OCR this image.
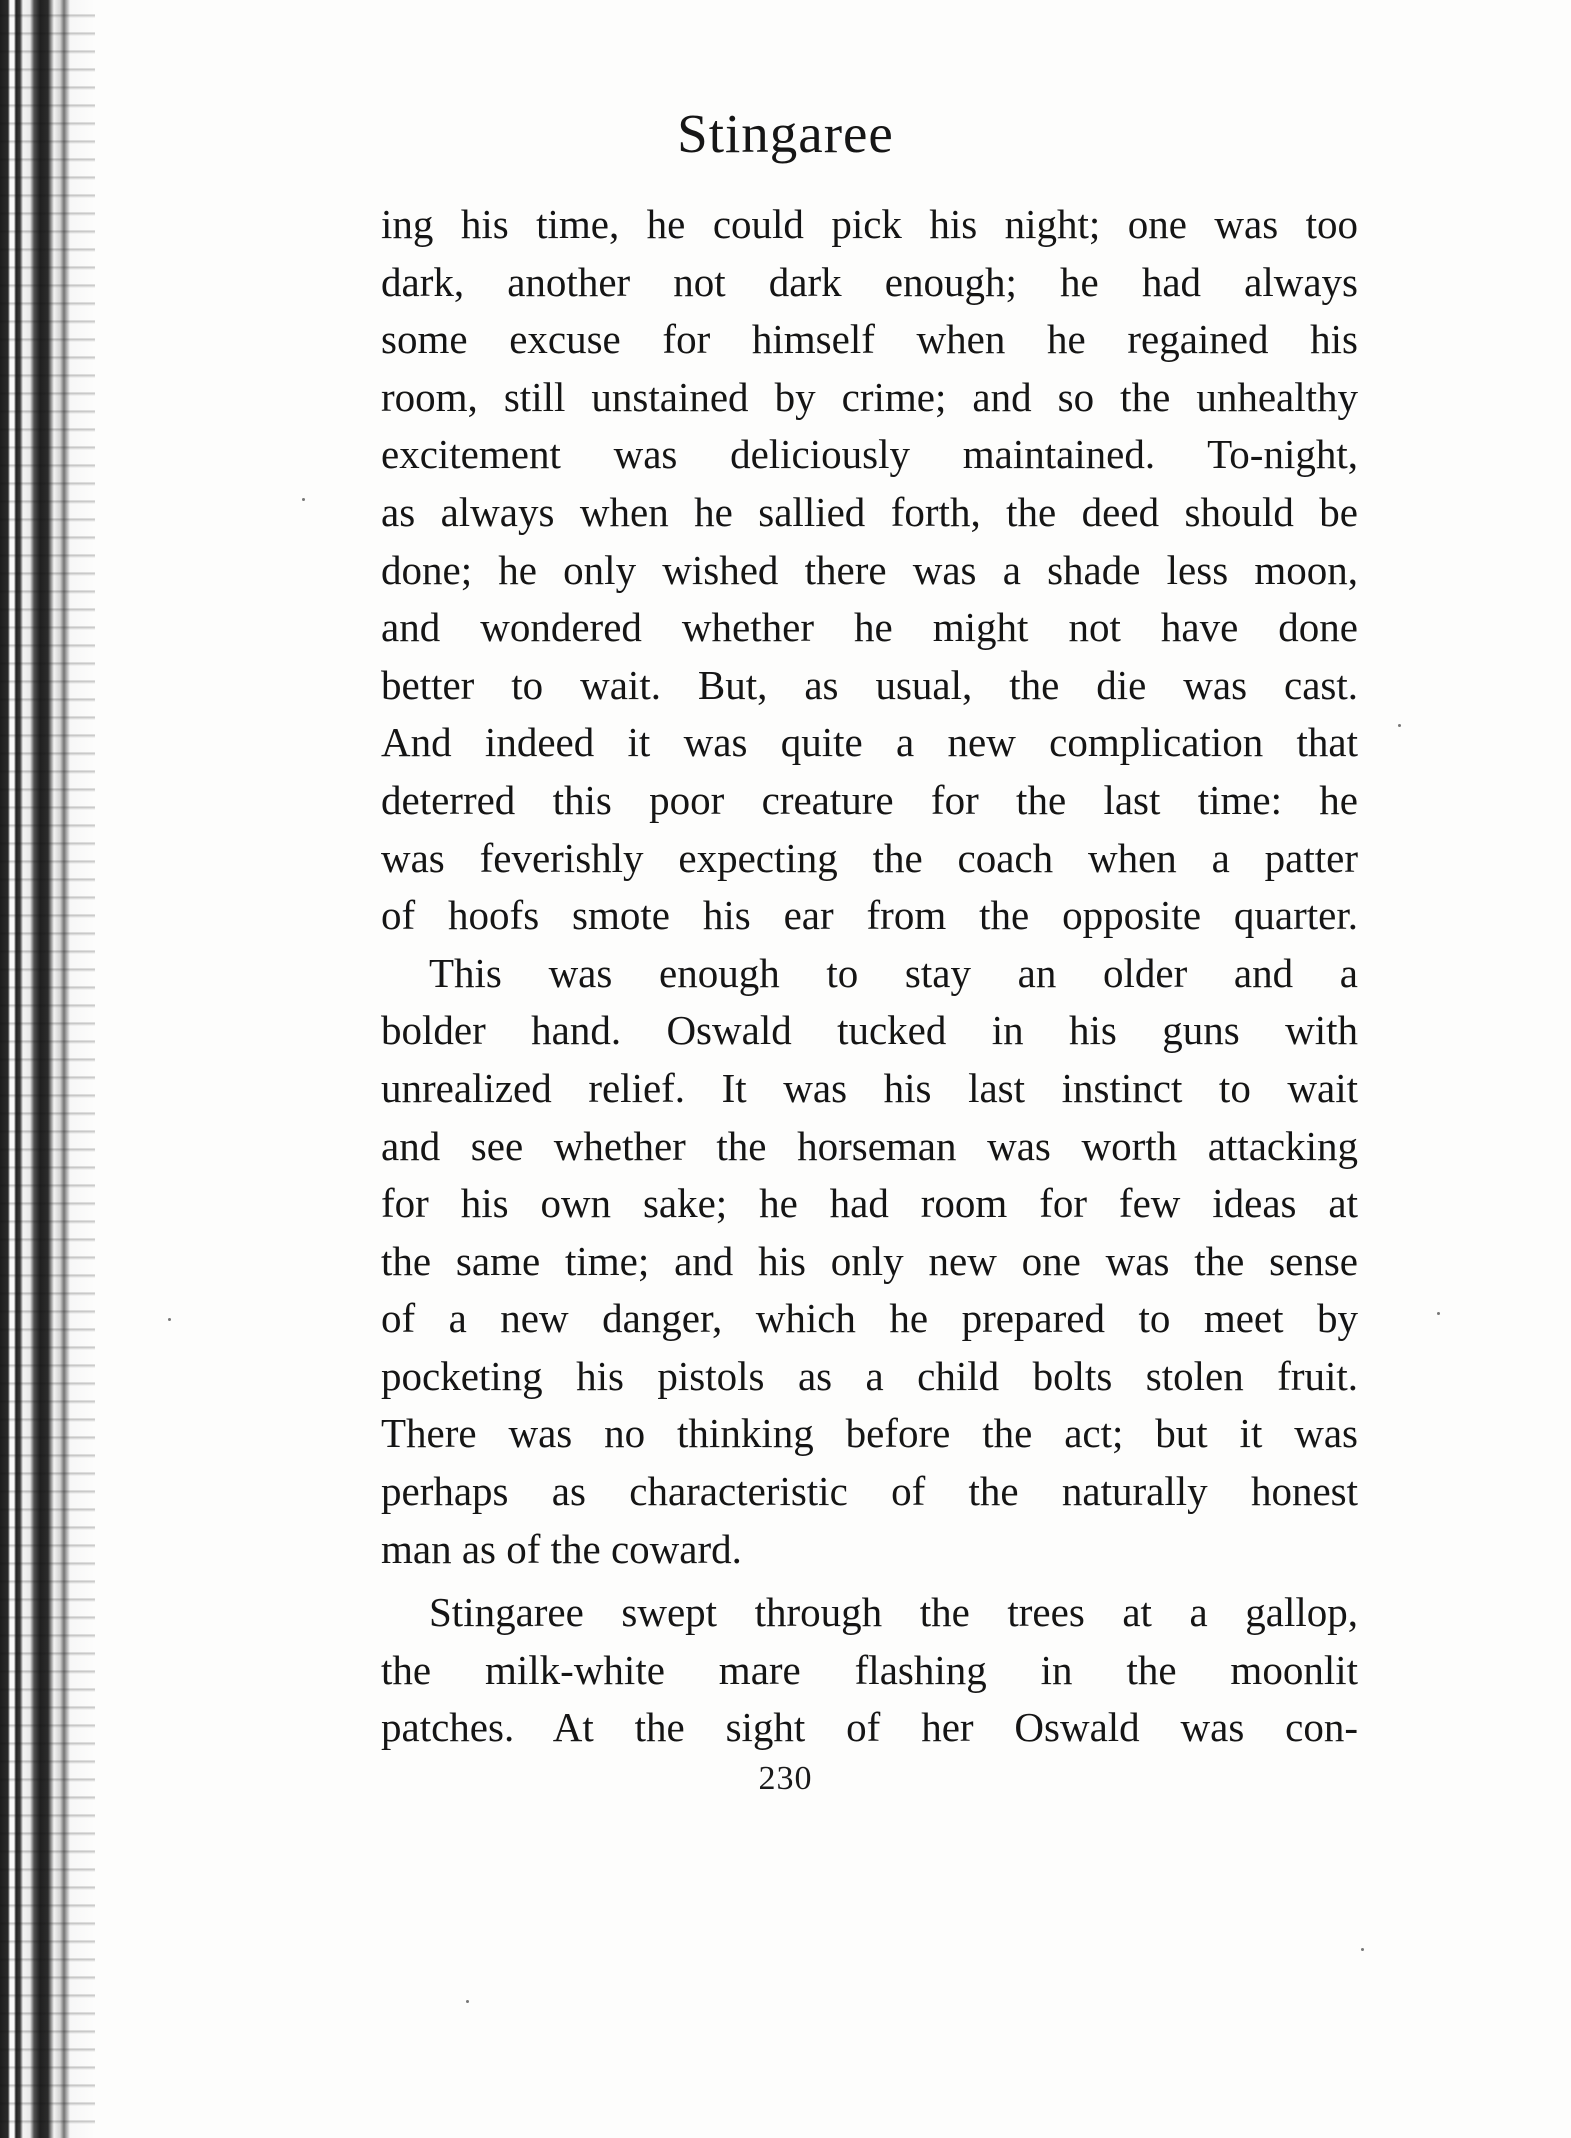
Stingaree

ing his time, he could pick his night; one was too
dark, another not dark enough; he had always
some excuse for himself when he regained his
room, still unstained by crime; and so the unhealthy
excitement was deliciously maintained. To-night,
as always when he sallied forth, the deed should be
done; he only wished there was a shade less moon,
and wondered whether he might not have done
better to wait. But, as usual, the die was cast.
And indeed it was quite a new complication that
deterred this poor creature for the last time: he
was feverishly expecting the coach when a patter
of hoofs smote his ear from the opposite quarter.

This was enough to stay an older and a
bolder hand. Oswald tucked in his guns with
unrealized relief. It was his last instinct to wait
and see whether the horseman was worth attacking
for his own sake; he had room for few ideas at
the same time; and his only new one was the sense
of a new danger, which he prepared to meet by
pocketing his pistols as a child bolts stolen fruit.
There was no thinking before the act; but it was
perhaps as characteristic of the naturally honest
man as of the coward.

Stingaree swept through the trees at a gallop,
the milk-white mare flashing in the moonlit
patches. At the sight of her Oswald was con-

230
